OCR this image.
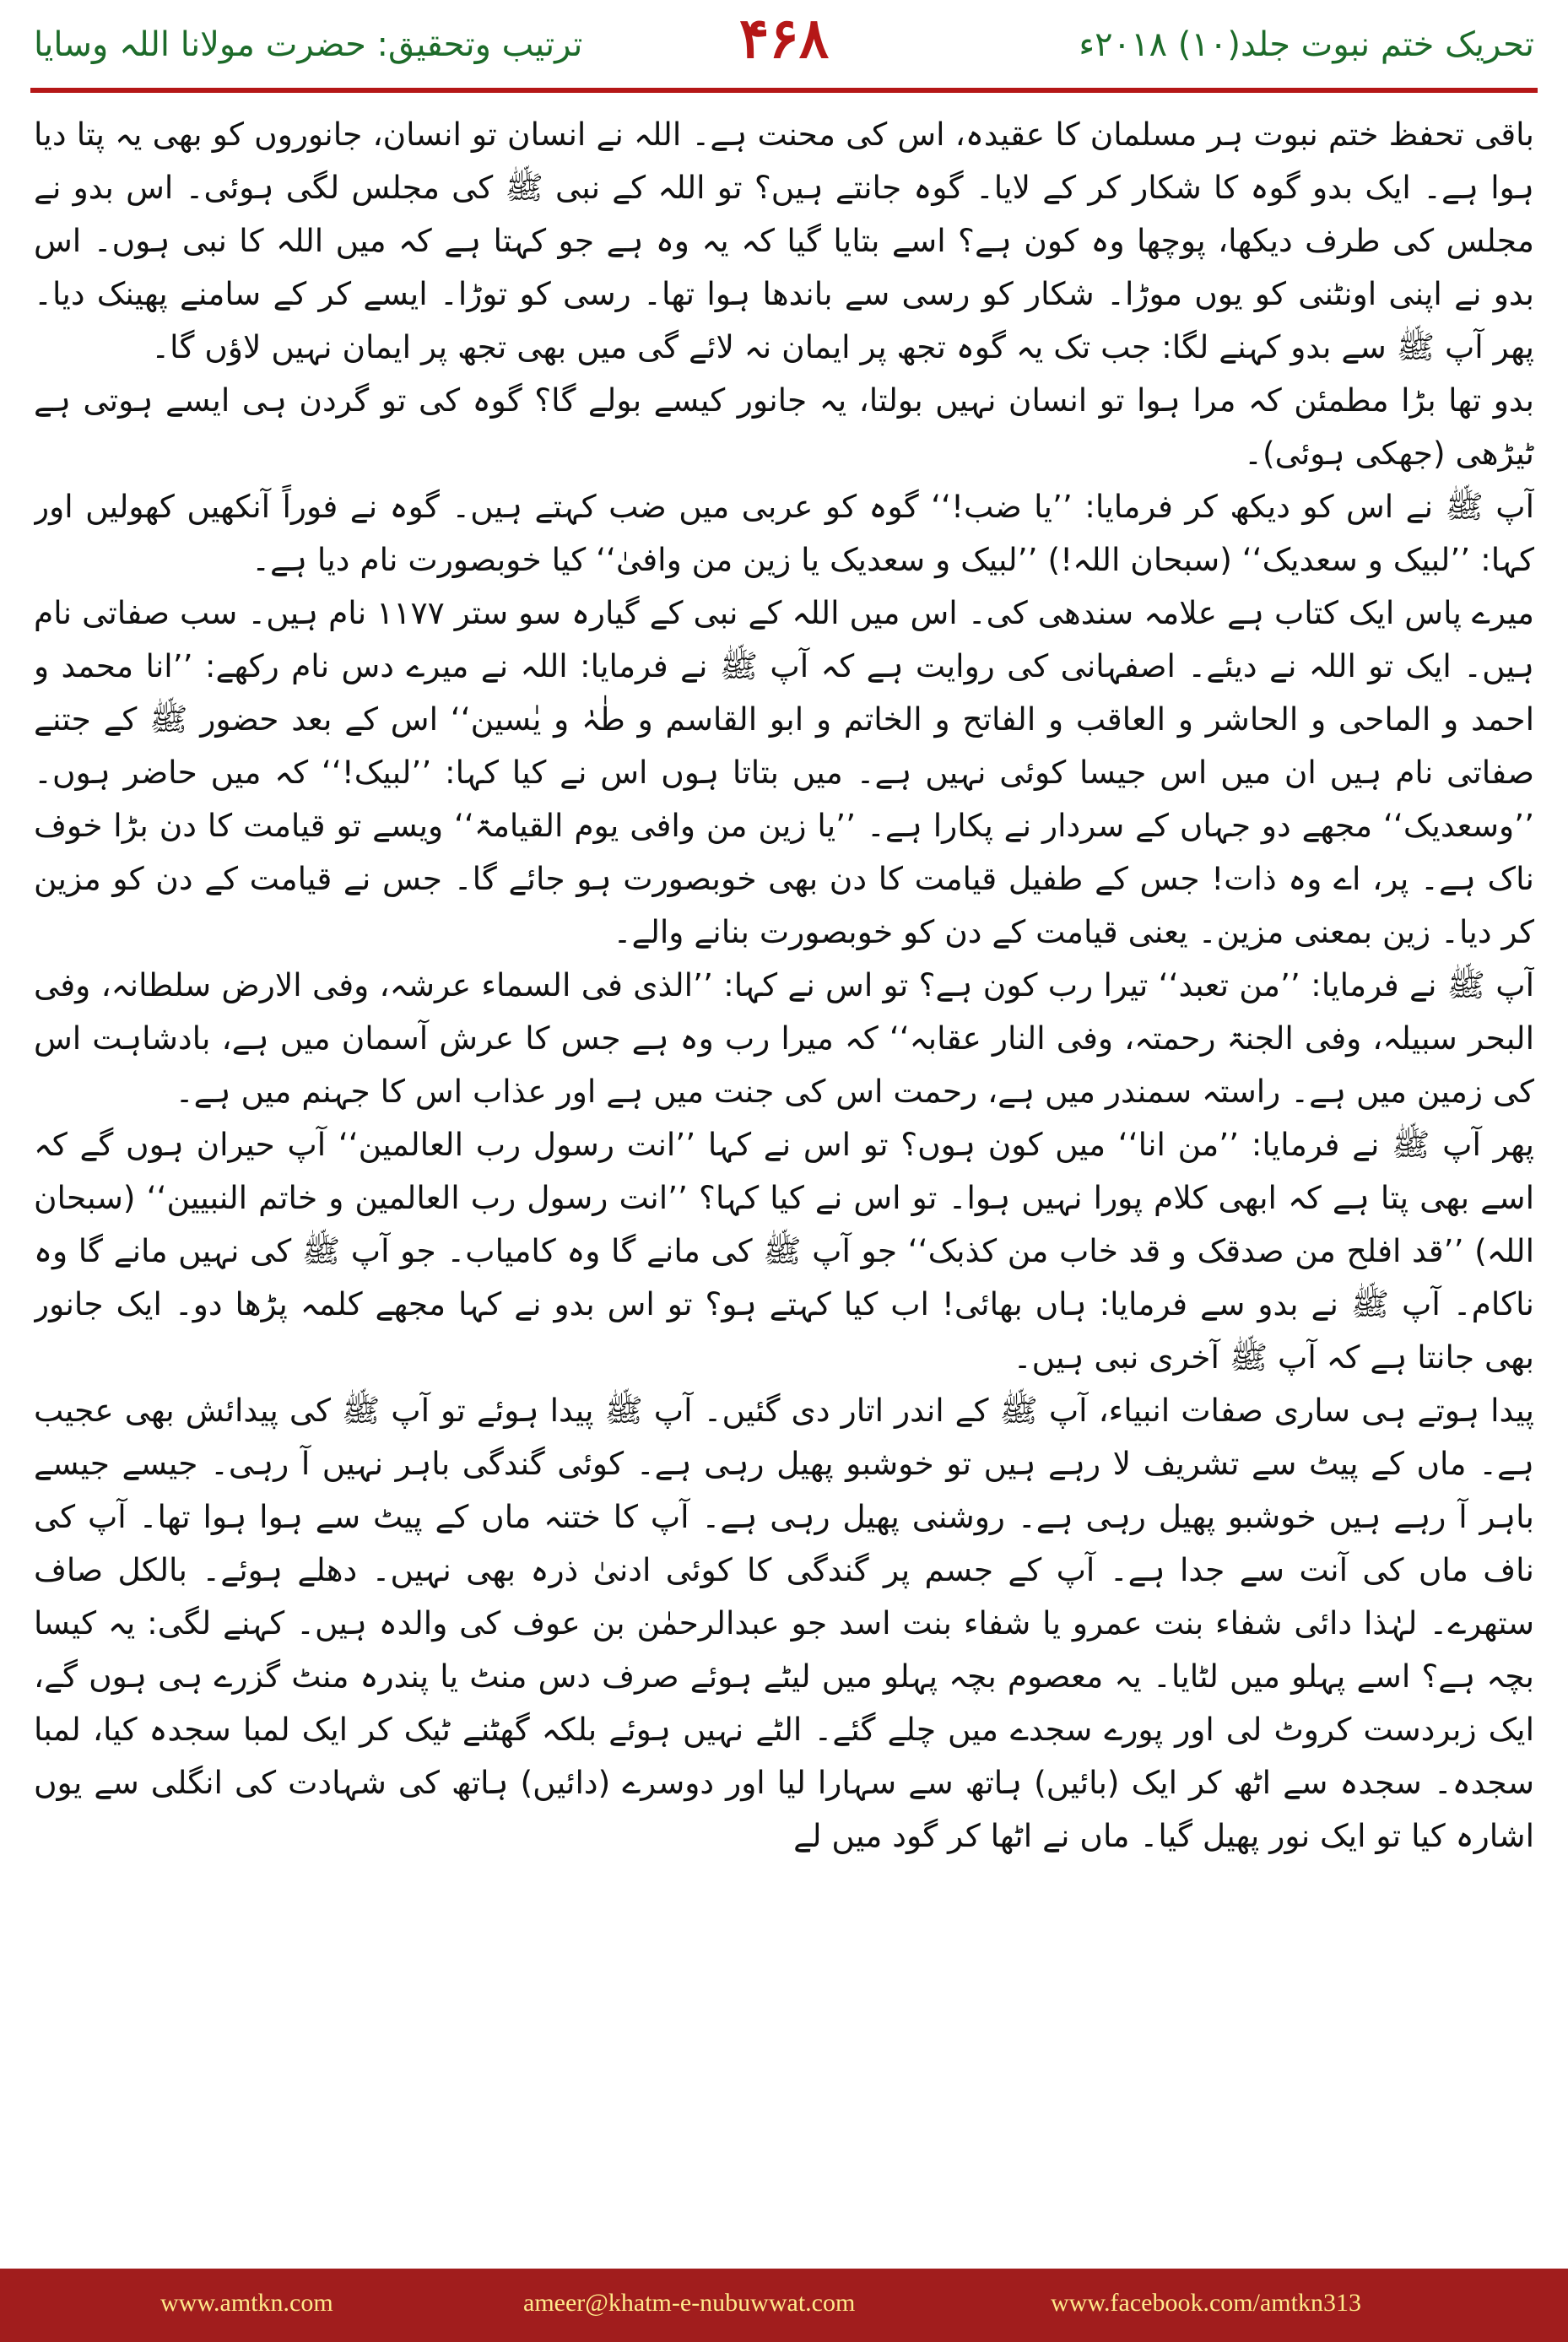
تحریک ختم نبوت جلد(۱۰) ۲۰۱۸ء
۴۶۸
ترتیب وتحقیق: حضرت مولانا اللہ وسایا

باقی تحفظ ختم نبوت ہر مسلمان کا عقیدہ، اس کی محنت ہے۔ اللہ نے انسان تو انسان، جانوروں کو بھی یہ پتا دیا ہوا ہے۔ ایک بدو گوہ کا شکار کر کے لایا۔ گوہ جانتے ہیں؟ تو اللہ کے نبی ﷺ کی مجلس لگی ہوئی۔ اس بدو نے مجلس کی طرف دیکھا، پوچھا وہ کون ہے؟ اسے بتایا گیا کہ یہ وہ ہے جو کہتا ہے کہ میں اللہ کا نبی ہوں۔ اس بدو نے اپنی اونٹنی کو یوں موڑا۔ شکار کو رسی سے باندھا ہوا تھا۔ رسی کو توڑا۔ ایسے کر کے سامنے پھینک دیا۔ پھر آپ ﷺ سے بدو کہنے لگا: جب تک یہ گوہ تجھ پر ایمان نہ لائے گی میں بھی تجھ پر ایمان نہیں لاؤں گا۔

بدو تھا بڑا مطمئن کہ مرا ہوا تو انسان نہیں بولتا، یہ جانور کیسے بولے گا؟ گوہ کی تو گردن ہی ایسے ہوتی ہے ٹیڑھی (جھکی ہوئی)۔

آپ ﷺ نے اس کو دیکھ کر فرمایا: ’’یا ضب!‘‘ گوہ کو عربی میں ضب کہتے ہیں۔ گوہ نے فوراً آنکھیں کھولیں اور کہا: ’’لبیک و سعدیک‘‘ (سبحان اللہ!) ’’لبیک و سعدیک یا زین من وافیٰ‘‘ کیا خوبصورت نام دیا ہے۔

میرے پاس ایک کتاب ہے علامہ سندھی کی۔ اس میں اللہ کے نبی کے گیارہ سو ستر ۱۱۷۷ نام ہیں۔ سب صفاتی نام ہیں۔ ایک تو اللہ نے دیئے۔ اصفہانی کی روایت ہے کہ آپ ﷺ نے فرمایا: اللہ نے میرے دس نام رکھے: ’’انا محمد و احمد و الماحی و الحاشر و العاقب و الفاتح و الخاتم و ابو القاسم و طٰہٰ و یٰسین‘‘ اس کے بعد حضور ﷺ کے جتنے صفاتی نام ہیں ان میں اس جیسا کوئی نہیں ہے۔ میں بتاتا ہوں اس نے کیا کہا: ’’لبیک!‘‘ کہ میں حاضر ہوں۔ ’’وسعدیک‘‘ مجھے دو جہاں کے سردار نے پکارا ہے۔ ’’یا زین من وافی یوم القیامۃ‘‘ ویسے تو قیامت کا دن بڑا خوف ناک ہے۔ پر، اے وہ ذات! جس کے طفیل قیامت کا دن بھی خوبصورت ہو جائے گا۔ جس نے قیامت کے دن کو مزین کر دیا۔ زین بمعنی مزین۔ یعنی قیامت کے دن کو خوبصورت بنانے والے۔

آپ ﷺ نے فرمایا: ’’من تعبد‘‘ تیرا رب کون ہے؟ تو اس نے کہا: ’’الذی فی السماء عرشہ، وفی الارض سلطانہ، وفی البحر سبیلہ، وفی الجنۃ رحمتہ، وفی النار عقابہ‘‘ کہ میرا رب وہ ہے جس کا عرش آسمان میں ہے، بادشاہت اس کی زمین میں ہے۔ راستہ سمندر میں ہے، رحمت اس کی جنت میں ہے اور عذاب اس کا جہنم میں ہے۔

پھر آپ ﷺ نے فرمایا: ’’من انا‘‘ میں کون ہوں؟ تو اس نے کہا ’’انت رسول رب العالمین‘‘ آپ حیران ہوں گے کہ اسے بھی پتا ہے کہ ابھی کلام پورا نہیں ہوا۔ تو اس نے کیا کہا؟ ’’انت رسول رب العالمین و خاتم النبیین‘‘ (سبحان اللہ) ’’قد افلح من صدقک و قد خاب من کذبک‘‘ جو آپ ﷺ کی مانے گا وہ کامیاب۔ جو آپ ﷺ کی نہیں مانے گا وہ ناکام۔ آپ ﷺ نے بدو سے فرمایا: ہاں بھائی! اب کیا کہتے ہو؟ تو اس بدو نے کہا مجھے کلمہ پڑھا دو۔ ایک جانور بھی جانتا ہے کہ آپ ﷺ آخری نبی ہیں۔

پیدا ہوتے ہی ساری صفات انبیاء، آپ ﷺ کے اندر اتار دی گئیں۔ آپ ﷺ پیدا ہوئے تو آپ ﷺ کی پیدائش بھی عجیب ہے۔ ماں کے پیٹ سے تشریف لا رہے ہیں تو خوشبو پھیل رہی ہے۔ کوئی گندگی باہر نہیں آ رہی۔ جیسے جیسے باہر آ رہے ہیں خوشبو پھیل رہی ہے۔ روشنی پھیل رہی ہے۔ آپ کا ختنہ ماں کے پیٹ سے ہوا ہوا تھا۔ آپ کی ناف ماں کی آنت سے جدا ہے۔ آپ کے جسم پر گندگی کا کوئی ادنیٰ ذرہ بھی نہیں۔ دھلے ہوئے۔ بالکل صاف ستھرے۔ لہٰذا دائی شفاء بنت عمرو یا شفاء بنت اسد جو عبدالرحمٰن بن عوف کی والدہ ہیں۔ کہنے لگی: یہ کیسا بچہ ہے؟ اسے پہلو میں لٹایا۔ یہ معصوم بچہ پہلو میں لیٹے ہوئے صرف دس منٹ یا پندرہ منٹ گزرے ہی ہوں گے، ایک زبردست کروٹ لی اور پورے سجدے میں چلے گئے۔ الٹے نہیں ہوئے بلکہ گھٹنے ٹیک کر ایک لمبا سجدہ کیا، لمبا سجدہ۔ سجدہ سے اٹھ کر ایک (بائیں) ہاتھ سے سہارا لیا اور دوسرے (دائیں) ہاتھ کی شہادت کی انگلی سے یوں اشارہ کیا تو ایک نور پھیل گیا۔ ماں نے اٹھا کر گود میں لے

www.amtkn.com	ameer@khatm-e-nubuwwat.com	www.facebook.com/amtkn313
